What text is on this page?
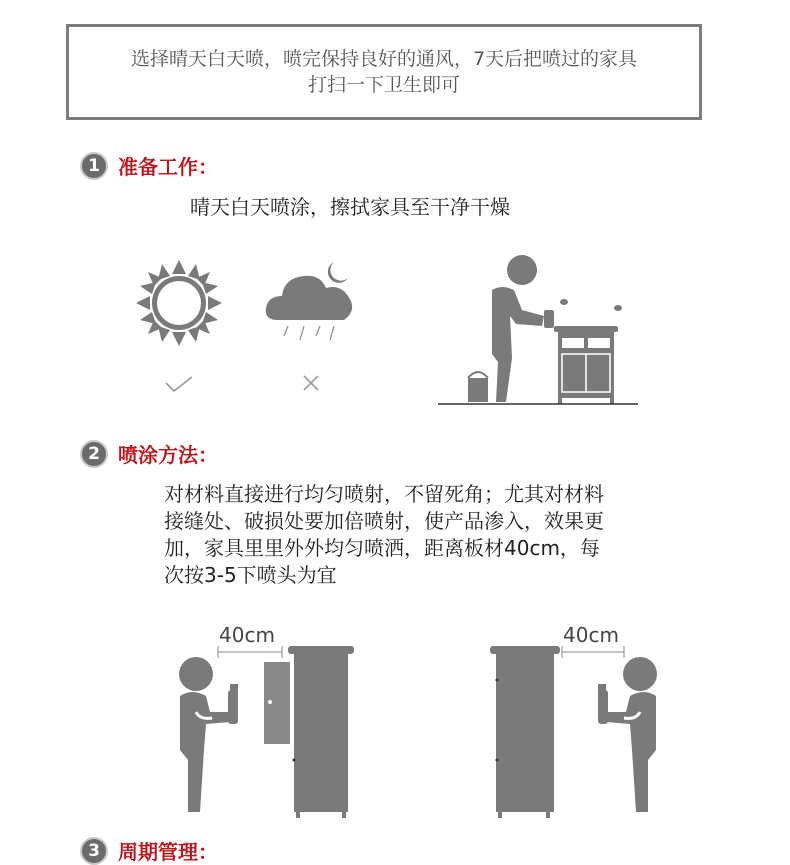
选择晴天白天喷，喷完保持良好的通风，7天后把喷过的家具
打扫一下卫生即可
1 准备工作：
晴天白天喷涂，擦拭家具至干净干燥
2 喷涂方法：
对材料直接进行均匀喷射，不留死角；尤其对材料
接缝处、破损处要加倍喷射，使产品渗入，效果更
加，家具里里外外均匀喷洒，距离板材40cm，每
次按3-5下喷头为宜
40cm	40cm
3 周期管理：
